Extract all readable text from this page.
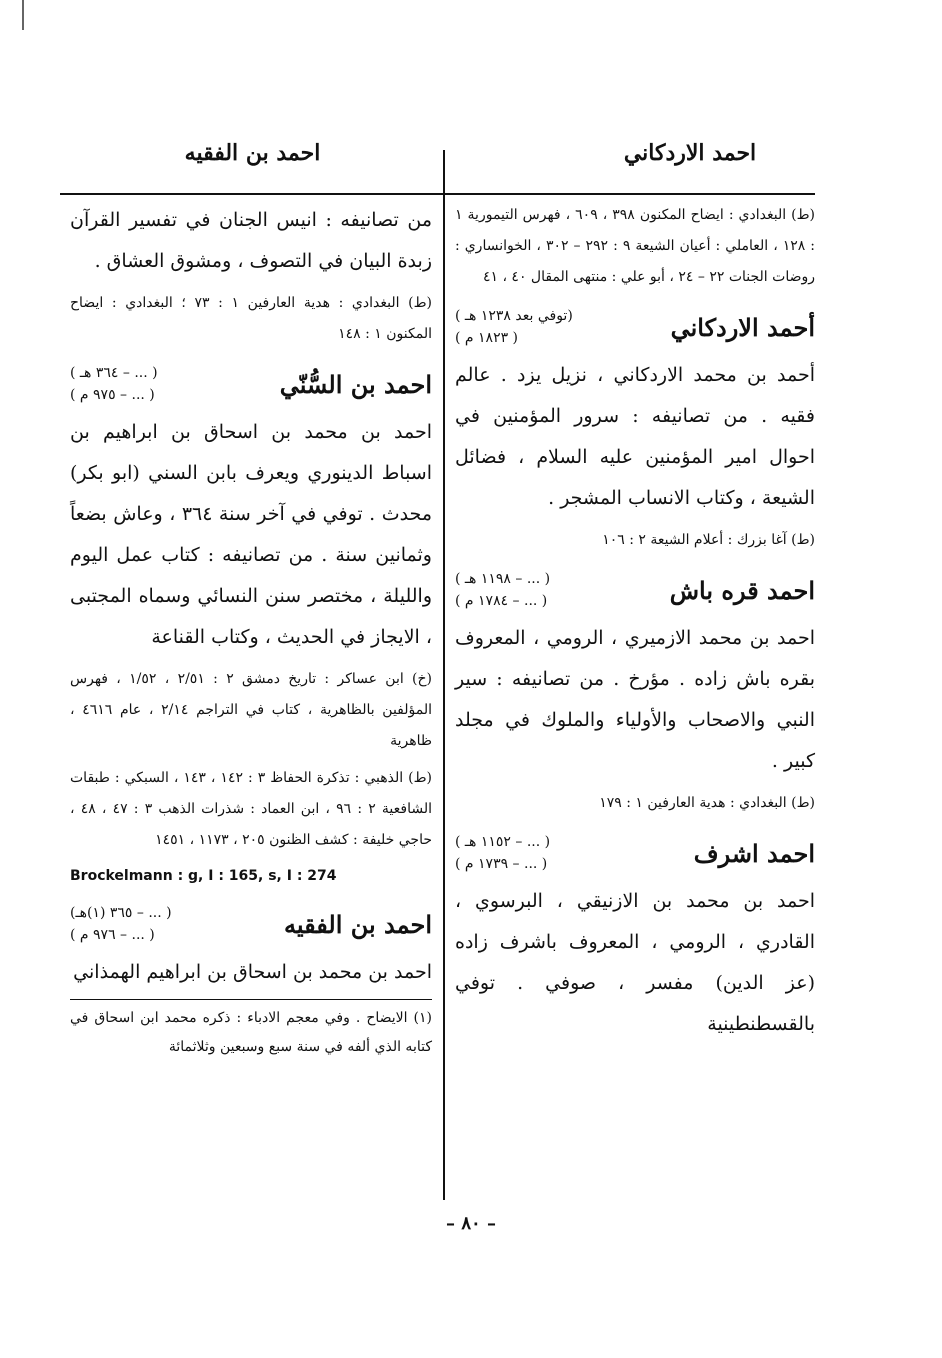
احمد الاردكاني
احمد بن الفقيه
(ط) البغدادي : ايضاح المكنون ٣٩٨ ، ٦٠٩ ، فهرس التيمورية ١ : ١٢٨ ، العاملي : أعيان الشيعة ٩ : ٢٩٢ – ٣٠٢ ، الخوانساري : روضات الجنات ٢٢ – ٢٤ ، أبو علي : منتهى المقال ٤٠ ، ٤١
أحمد الاردكاني
(توفي بعد ١٢٣٨ هـ )
( ١٨٢٣ م )
أحمد بن محمد الاردكاني ، نزيل يزد . عالم فقيه . من تصانيفه : سرور المؤمنين في احوال امير المؤمنين عليه السلام ، فضائل الشيعة ، وكتاب الانساب المشجر .
(ط) آغا بزرك : أعلام الشيعة ٢ : ١٠٦
احمد قره باش
( ... – ١١٩٨ هـ )
( ... – ١٧٨٤ م )
احمد بن محمد الازميري ، الرومي ، المعروف بقره باش زاده . مؤرخ . من تصانيفه : سير النبي والاصحاب والأولياء والملوك في مجلد كبير .
(ط) البغدادي : هدية العارفين ١ : ١٧٩
احمد اشرف
( ... – ١١٥٢ هـ )
( ... – ١٧٣٩ م )
احمد بن محمد بن الازنيقي ، البرسوي ، القادري ، الرومي ، المعروف باشرف زاده (عز الدين) مفسر ، صوفي . توفي بالقسطنطينية
من تصانيفه : انيس الجنان في تفسير القرآن زبدة البيان في التصوف ، ومشوق العشاق .
(ط) البغدادي : هدية العارفين ١ : ٧٣ ؛ البغدادي : ايضاح المكنون ١ : ١٤٨
احمد بن السُّنّي
( ... – ٣٦٤ هـ )
( ... – ٩٧٥ م )
احمد بن محمد بن اسحاق بن ابراهيم بن اسباط الدينوري ويعرف بابن السني (ابو بكر) محدث . توفي في آخر سنة ٣٦٤ ، وعاش بضعاً وثمانين سنة . من تصانيفه : كتاب عمل اليوم والليلة ، مختصر سنن النسائي وسماه المجتبى ، الايجاز في الحديث ، وكتاب القناعة
(خ) ابن عساكر : تاريخ دمشق ٢ : ٢/٥١ ، ١/٥٢ ، فهرس المؤلفين بالظاهرية ، كتاب في التراجم ٢/١٤ ، عام ٤٦١٦ ، ظاهرية
(ط) الذهبي : تذكرة الحفاظ ٣ : ١٤٢ ، ١٤٣ ، السبكي : طبقات الشافعية ٢ : ٩٦ ، ابن العماد : شذرات الذهب ٣ : ٤٧ ، ٤٨ ، حاجي خليفة : كشف الظنون ٢٠٥ ، ١١٧٣ ، ١٤٥١
Brockelmann : g, I : 165, s, I : 274
احمد بن الفقيه
( ... – ٣٦٥ (١)هـ)
( ... – ٩٧٦ م )
احمد بن محمد بن اسحاق بن ابراهيم الهمذاني
(١) الايضاح . وفي معجم الادباء : ذكره محمد ابن اسحاق في كتابه الذي ألفه في سنة سبع وسبعين وثلاثمائة
– ٨٠ –
